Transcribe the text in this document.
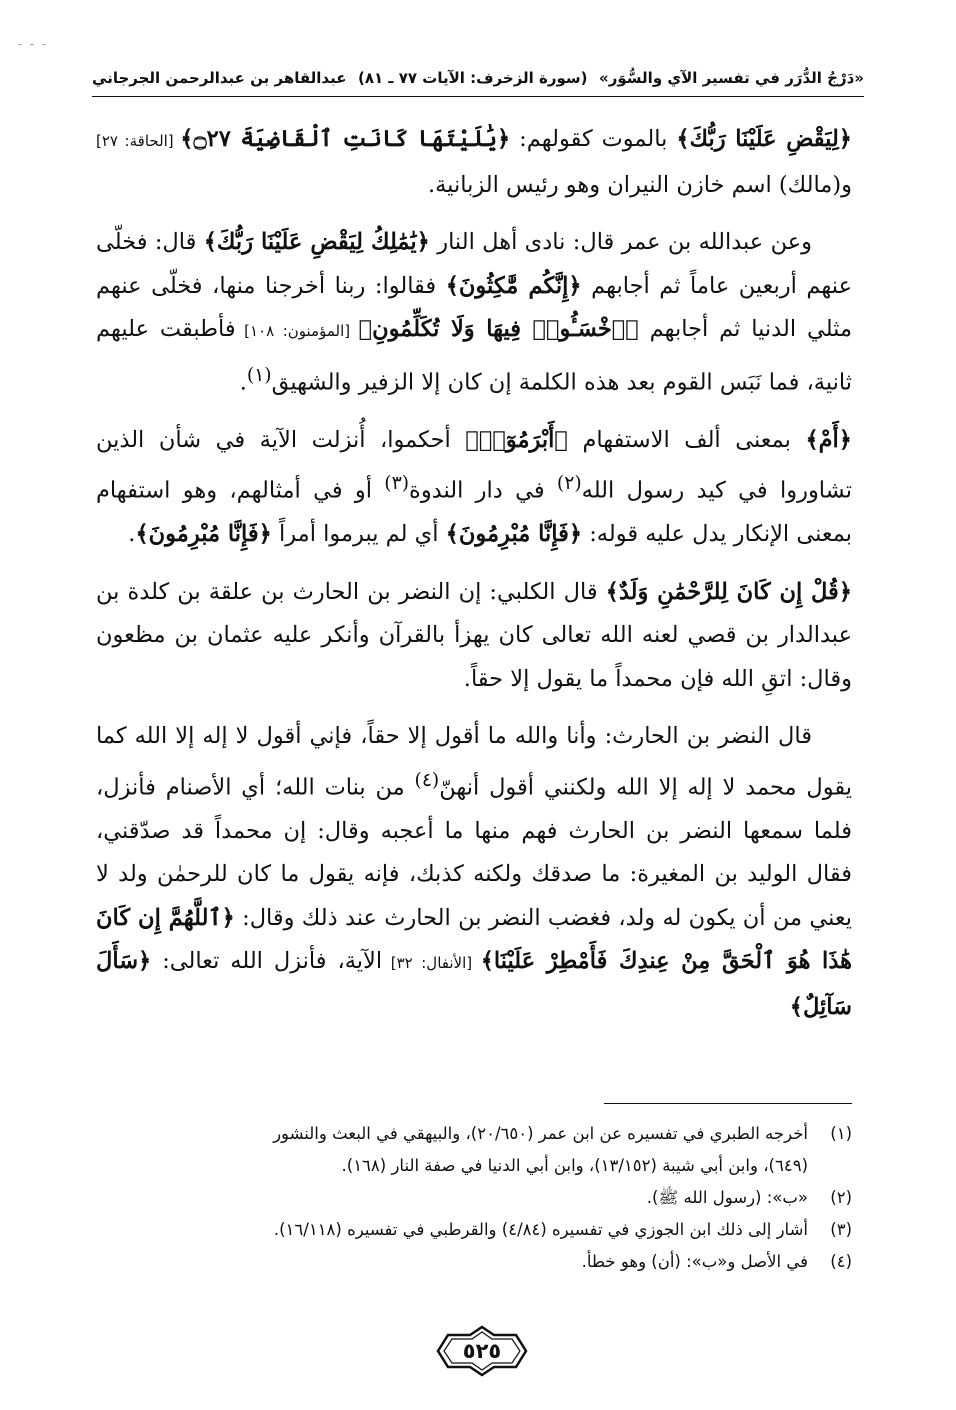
- - -
«دَرْجُ الدُّرَر في تفسير الآي والسُّوَر»
(سورة الزخرف: الآيات ٧٧ ـ ٨١)
عبدالقاهر بن عبدالرحمن الجرجاني

﴿لِيَقْضِ عَلَيْنَا رَبُّكَ﴾ بالموت كقولهم: ﴿يَٰلَيْتَهَا كَانَتِ ٱلْقَاضِيَةَ ۝٢٧﴾ [الحاقة: ٢٧] و(مالك) اسم خازن النيران وهو رئيس الزبانية.

وعن عبدالله بن عمر قال: نادى أهل النار ﴿يَٰمَٰلِكُ لِيَقْضِ عَلَيْنَا رَبُّكَ﴾ قال: فخلّى عنهم أربعين عاماً ثم أجابهم ﴿إِنَّكُم مَّٰكِثُونَ﴾ فقالوا: ربنا أخرجنا منها، فخلّى عنهم مثلي الدنيا ثم أجابهم ﴿ٱخْسَـُٔوا۟ فِيهَا وَلَا تُكَلِّمُونِ﴾ [المؤمنون: ١٠٨] فأطبقت عليهم ثانية، فما نَبَس القوم بعد هذه الكلمة إن كان إلا الزفير والشهيق$^{(١)}$.

﴿أَمْ﴾ بمعنى ألف الاستفهام ﴿أَبْرَمُوٓا۟﴾ أحكموا، أُنزلت الآية في شأن الذين تشاوروا في كيد رسول الله$^{(٢)}$ في دار الندوة$^{(٣)}$ أو في أمثالهم، وهو استفهام بمعنى الإنكار يدل عليه قوله: ﴿فَإِنَّا مُبْرِمُونَ﴾ أي لم يبرموا أمراً ﴿فَإِنَّا مُبْرِمُونَ﴾.

﴿قُلْ إِن كَانَ لِلرَّحْمَٰنِ وَلَدٌ﴾ قال الكلبي: إن النضر بن الحارث بن علقة بن كلدة بن عبدالدار بن قصي لعنه الله تعالى كان يهزأ بالقرآن وأنكر عليه عثمان بن مظعون وقال: اتقِ الله فإن محمداً ما يقول إلا حقاً.

قال النضر بن الحارث: وأنا والله ما أقول إلا حقاً، فإني أقول لا إله إلا الله كما يقول محمد لا إله إلا الله ولكنني أقول أنهنّ$^{(٤)}$ من بنات الله؛ أي الأصنام فأنزل، فلما سمعها النضر بن الحارث فهم منها ما أعجبه وقال: إن محمداً قد صدّقني، فقال الوليد بن المغيرة: ما صدقك ولكنه كذبك، فإنه يقول ما كان للرحمٰن ولد لا يعني من أن يكون له ولد، فغضب النضر بن الحارث عند ذلك وقال: ﴿ٱللَّهُمَّ إِن كَانَ هَٰذَا هُوَ ٱلْحَقَّ مِنْ عِندِكَ فَأَمْطِرْ عَلَيْنَا﴾ [الأنفال: ٣٢] الآية، فأنزل الله تعالى: ﴿سَأَلَ سَآئِلٌ﴾

(١)
أخرجه الطبري في تفسيره عن ابن عمر (٢٠/٦٥٠)، والبيهقي في البعث والنشور
(٦٤٩)، وابن أبي شيبة (١٣/١٥٢)، وابن أبي الدنيا في صفة النار (١٦٨).
(٢)
«ب»: (رسول الله ﷺ).
(٣)
أشار إلى ذلك ابن الجوزي في تفسيره (٤/٨٤) والقرطبي في تفسيره (١٦/١١٨).
(٤)
في الأصل و«ب»: (أن) وهو خطأ.
٥٢٥
